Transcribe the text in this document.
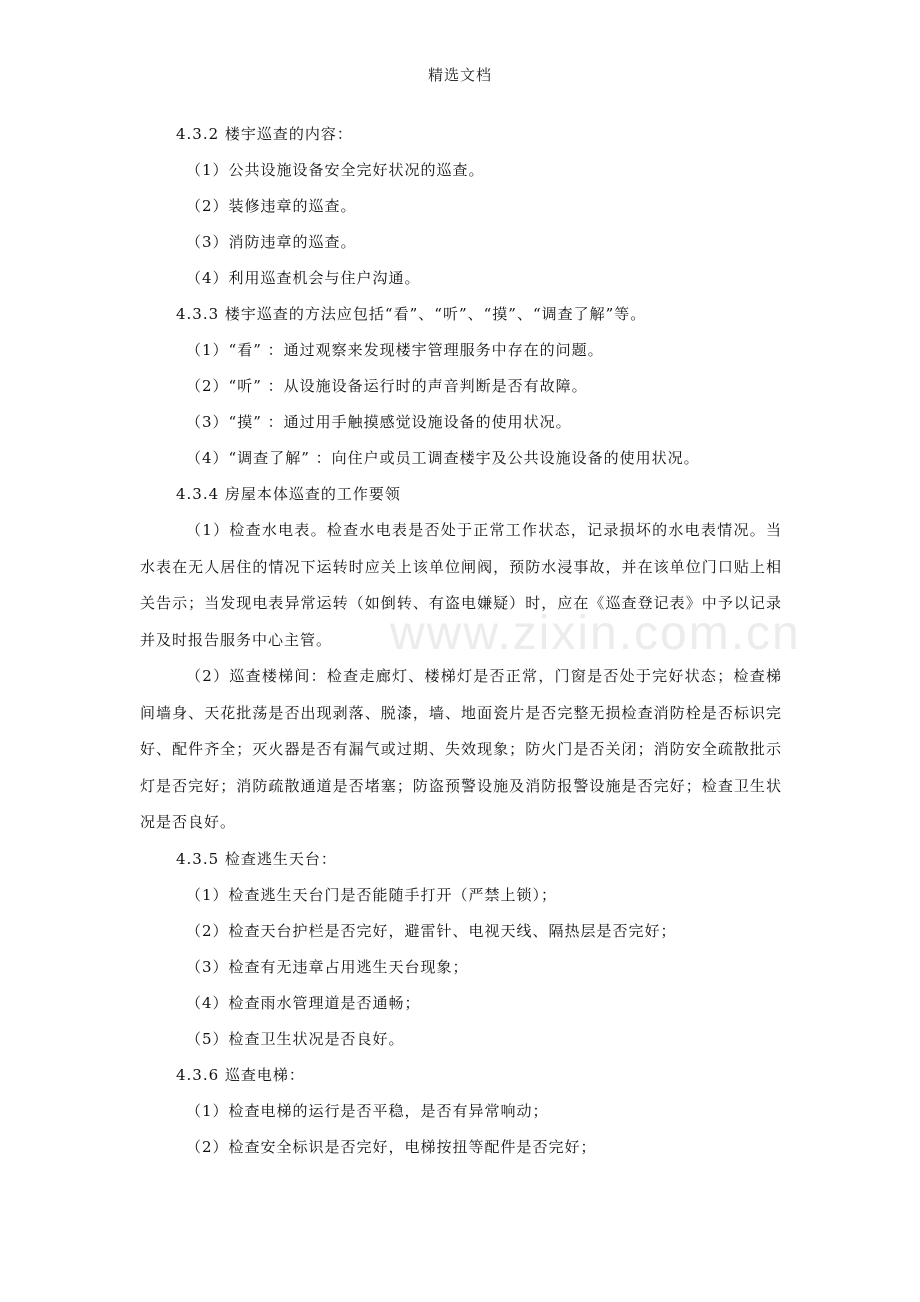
精选文档
www.zixin.com.cn
4.3.2 楼宇巡查的内容：
（1）公共设施设备安全完好状况的巡查。
（2）装修违章的巡查。
（3）消防违章的巡查。
（4）利用巡查机会与住户沟通。
4.3.3 楼宇巡查的方法应包括“看”、“听”、“摸”、“调查了解”等。
（1）“看” ：通过观察来发现楼宇管理服务中存在的问题。
（2）“听” ：从设施设备运行时的声音判断是否有故障。
（3）“摸” ：通过用手触摸感觉设施设备的使用状况。
（4）“调查了解” ：向住户或员工调查楼宇及公共设施设备的使用状况。
4.3.4 房屋本体巡查的工作要领

（1）检查水电表。检查水电表是否处于正常工作状态，记录损坏的水电表情况。当水表在无人居住的情况下运转时应关上该单位闸阀，预防水浸事故，并在该单位门口贴上相关告示；当发现电表异常运转（如倒转、有盗电嫌疑）时，应在《巡查登记表》中予以记录并及时报告服务中心主管。

（2）巡查楼梯间：检查走廊灯、楼梯灯是否正常，门窗是否处于完好状态；检查梯间墙身、天花批荡是否出现剥落、脱漆，墙、地面瓷片是否完整无损检查消防栓是否标识完好、配件齐全；灭火器是否有漏气或过期、失效现象；防火门是否关闭；消防安全疏散批示灯是否完好；消防疏散通道是否堵塞；防盗预警设施及消防报警设施是否完好；检查卫生状况是否良好。

4.3.5 检查逃生天台：
（1）检查逃生天台门是否能随手打开（严禁上锁）；
（2）检查天台护栏是否完好，避雷针、电视天线、隔热层是否完好；
（3）检查有无违章占用逃生天台现象；
（4）检查雨水管理道是否通畅；
（5）检查卫生状况是否良好。
4.3.6 巡查电梯：
（1）检查电梯的运行是否平稳，是否有异常响动；
（2）检查安全标识是否完好，电梯按扭等配件是否完好；
